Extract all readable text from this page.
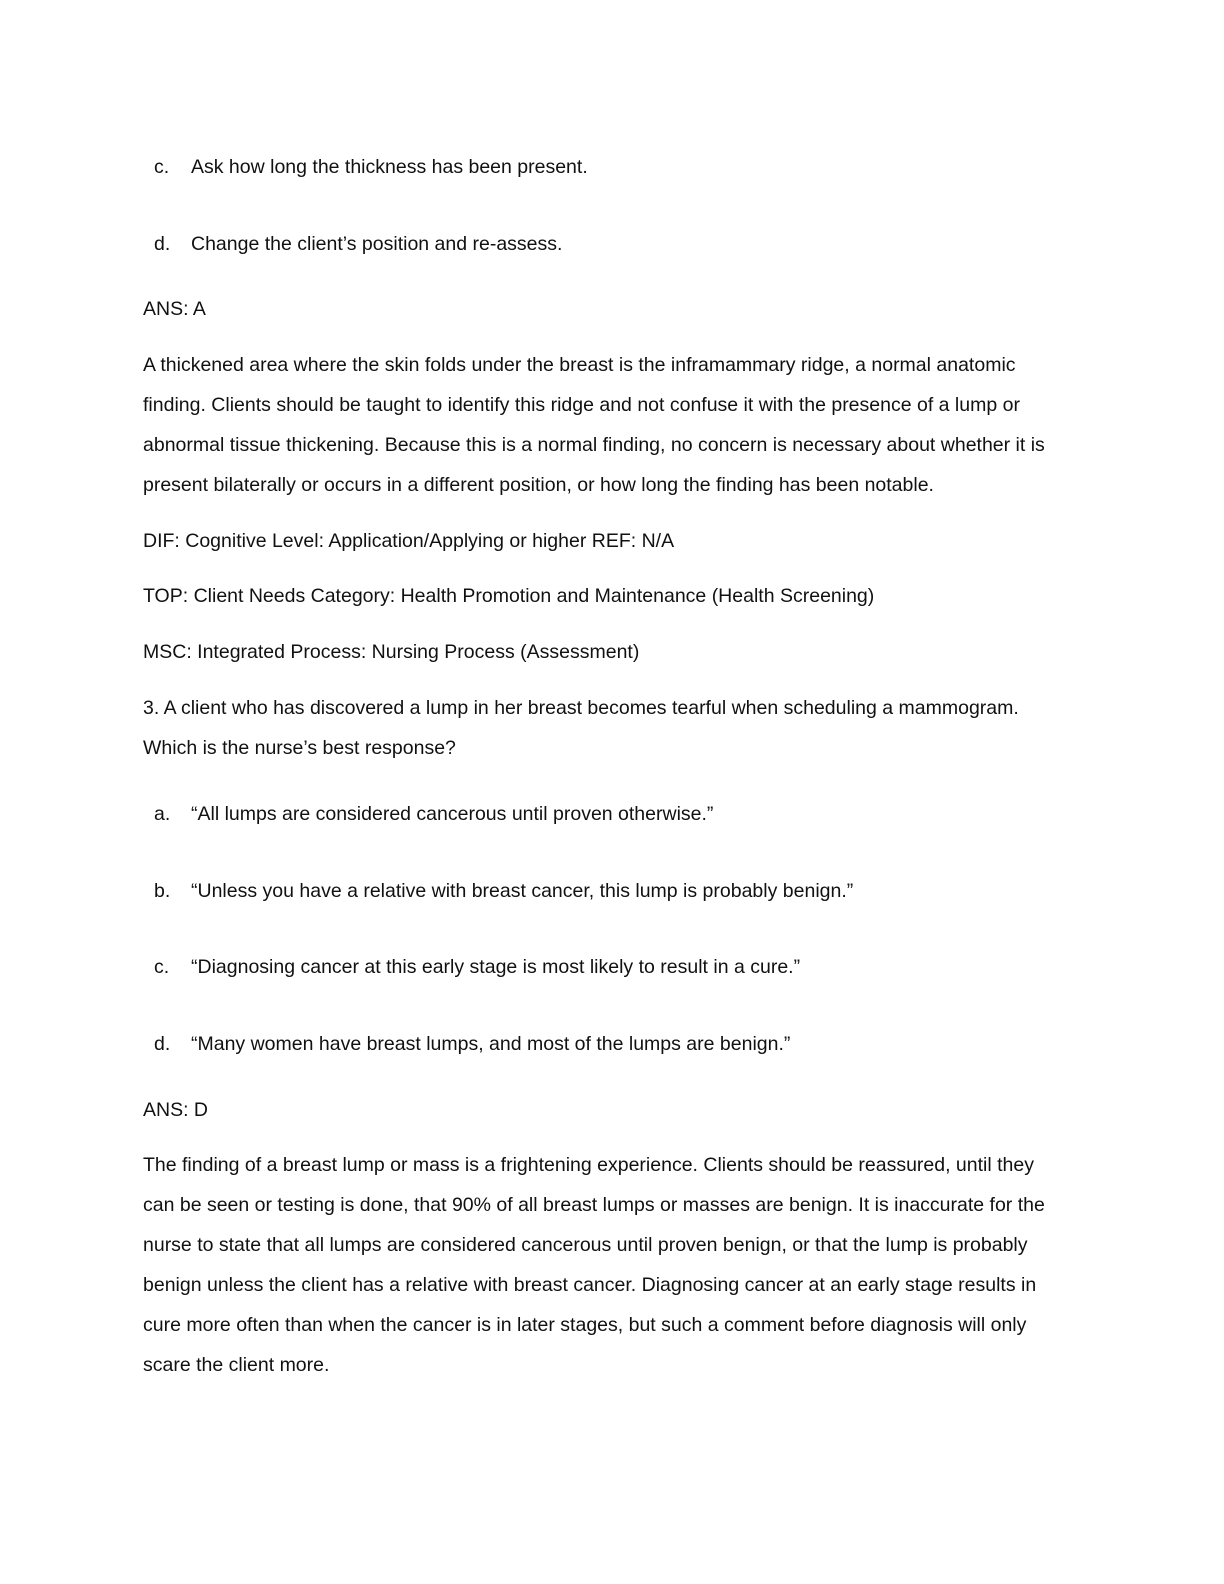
c. Ask how long the thickness has been present.
d. Change the client’s position and re-assess.
ANS: A
A thickened area where the skin folds under the breast is the inframammary ridge, a normal anatomic
finding. Clients should be taught to identify this ridge and not confuse it with the presence of a lump or
abnormal tissue thickening. Because this is a normal finding, no concern is necessary about whether it is
present bilaterally or occurs in a different position, or how long the finding has been notable.
DIF: Cognitive Level: Application/Applying or higher REF: N/A
TOP: Client Needs Category: Health Promotion and Maintenance (Health Screening)
MSC: Integrated Process: Nursing Process (Assessment)
3. A client who has discovered a lump in her breast becomes tearful when scheduling a mammogram.
Which is the nurse’s best response?
a. “All lumps are considered cancerous until proven otherwise.”
b. “Unless you have a relative with breast cancer, this lump is probably benign.”
c. “Diagnosing cancer at this early stage is most likely to result in a cure.”
d. “Many women have breast lumps, and most of the lumps are benign.”
ANS: D
The finding of a breast lump or mass is a frightening experience. Clients should be reassured, until they
can be seen or testing is done, that 90% of all breast lumps or masses are benign. It is inaccurate for the
nurse to state that all lumps are considered cancerous until proven benign, or that the lump is probably
benign unless the client has a relative with breast cancer. Diagnosing cancer at an early stage results in
cure more often than when the cancer is in later stages, but such a comment before diagnosis will only
scare the client more.
